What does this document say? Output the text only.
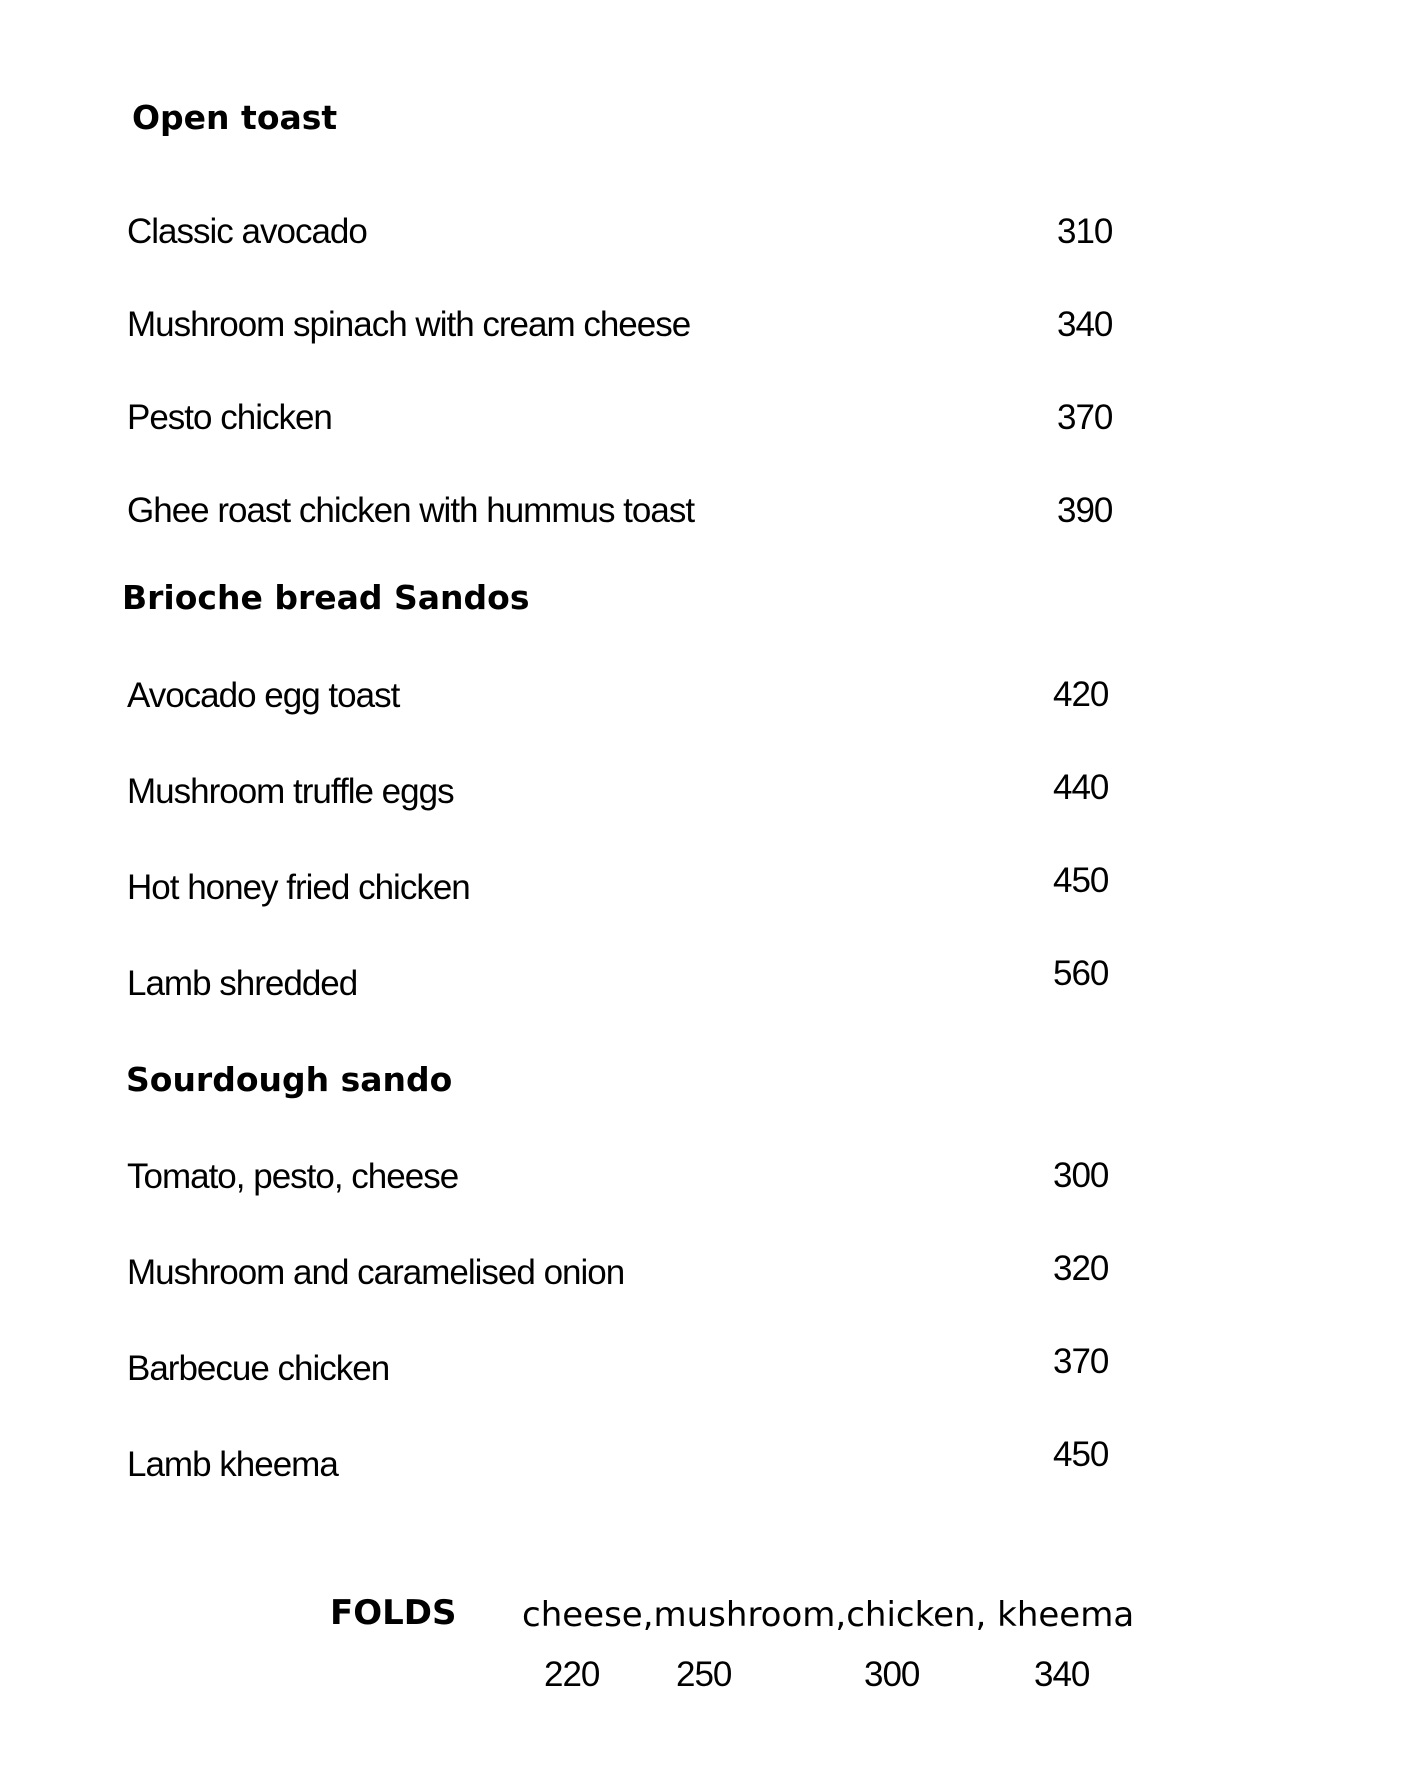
Open toast
Classic avocado	310
Mushroom spinach with cream cheese	340
Pesto chicken	370
Ghee roast chicken with hummus toast	390
Brioche bread Sandos
Avocado egg toast	420
Mushroom truffle eggs	440
Hot honey fried chicken	450
Lamb shredded	560
Sourdough sando
Tomato, pesto, cheese	300
Mushroom and caramelised onion	320
Barbecue chicken	370
Lamb kheema	450
FOLDS cheese,mushroom,chicken, kheema
220 250	300	340
